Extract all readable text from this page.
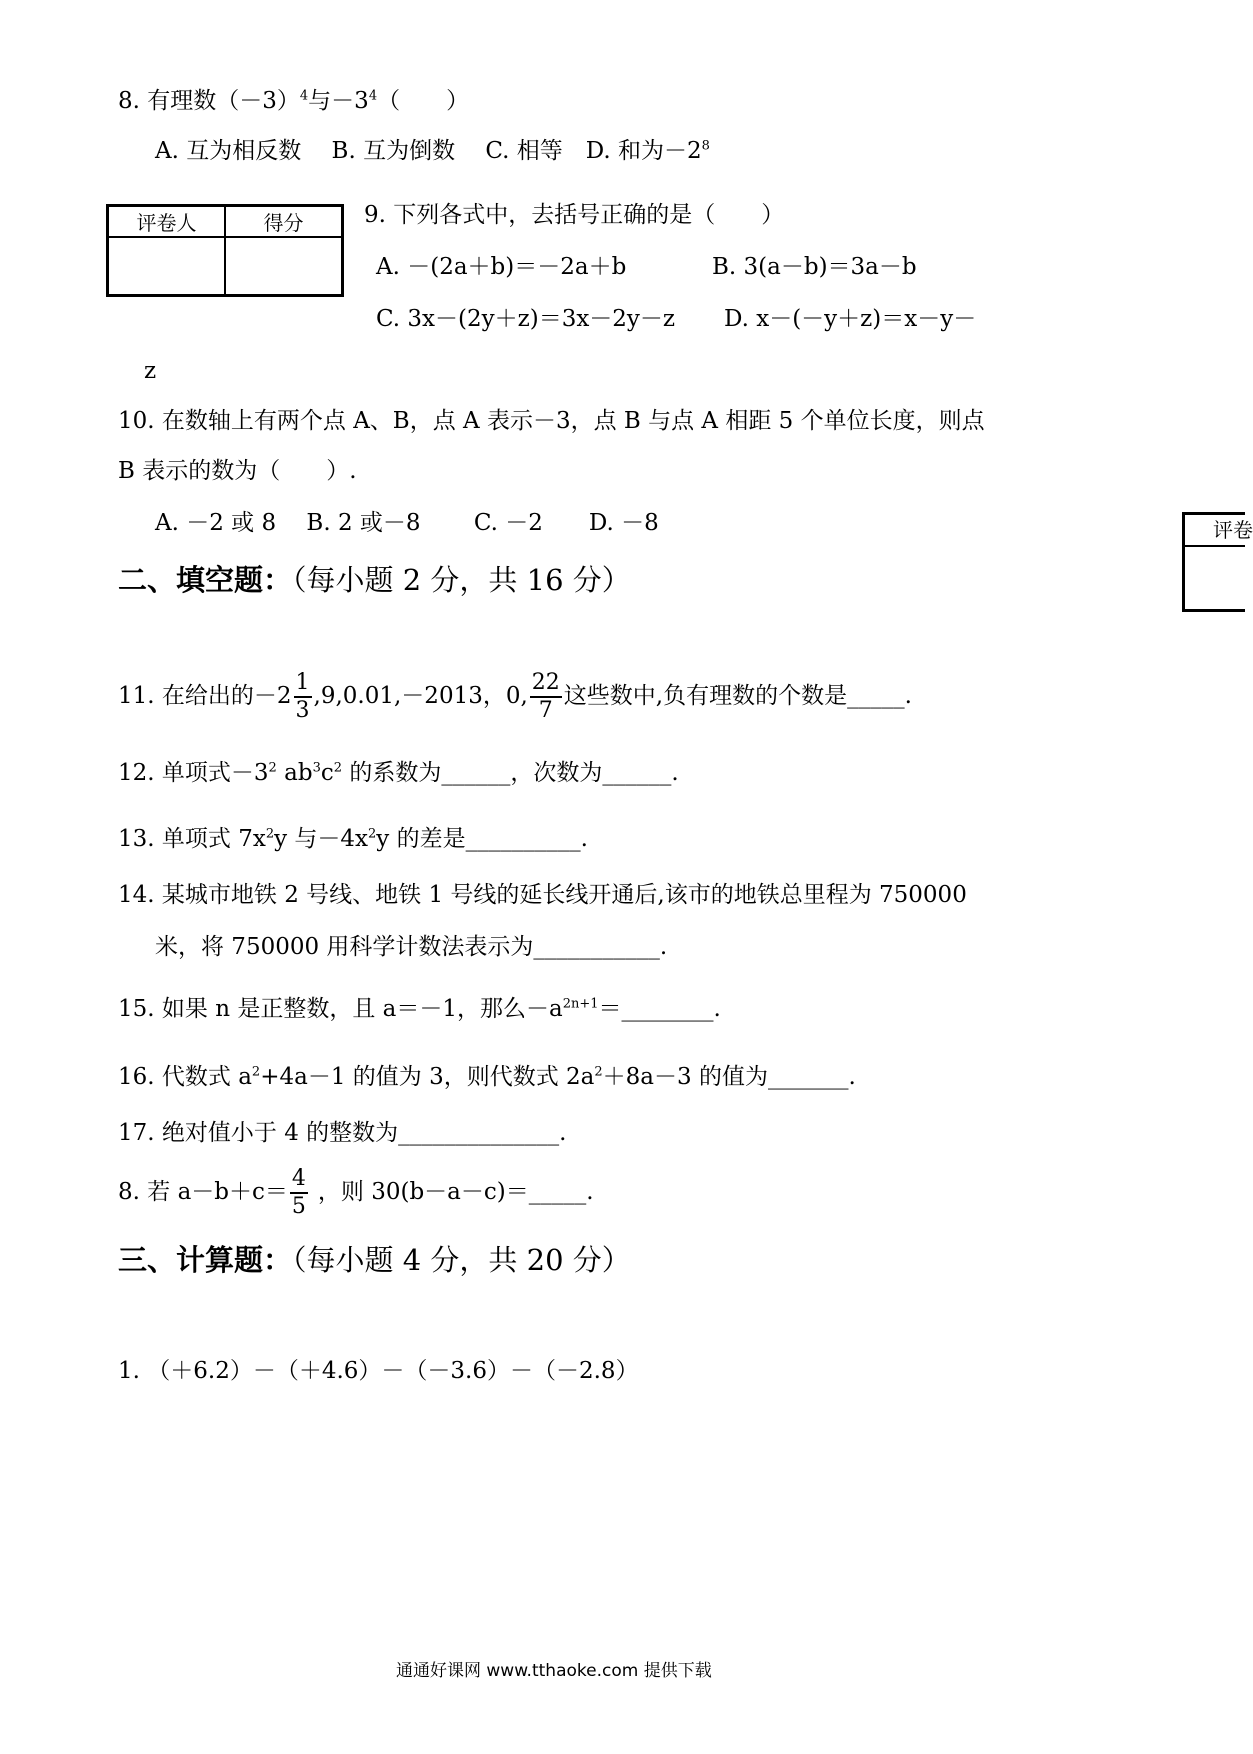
8. 有理数$(-3)^4$与$-3^4$（　　）
A. 互为相反数　 B. 互为倒数　 C. 相等　D. 和为$-2^8$
评卷人	得分
		9. 下列各式中，去括号正确的是（　　）
A. －(2a＋b)＝－2a＋b	B. 3(a－b)＝3a－b
C. 3x－(2y＋z)＝3x－2y－z D. x－(－y＋z)＝x－y－
z
10. 在数轴上有两个点 A、B，点 A 表示－3，点 B 与点 A 相距 5 个单位长度，则点
B 表示的数为（　　）.
A. －2 或 8　 B. 2 或－8　　 C. －2　　D. －8
二、填空题：（每小题 2 分，共 16 分）
11. 在给出的$-2 \frac{1}{3} ,9,0.01,-2013$，0, $\frac{22}{7}$ 这些数中,负有理数的个数是_____.
12. 单项式$-3^2$ $ab^3c^2$ 的系数为______，次数为______.
13. 单项式 $7x^2y$ 与$-4x^2y$ 的差是__________.
14. 某城市地铁 2 号线、地铁 1 号线的延长线开通后,该市的地铁总里程为 750000
米，将 750000 用科学计数法表示为___________.
15. 如果 n 是正整数，且 a＝－1，那么$-a^{2n+1}=\_\_\_\_\_\_\_\_$.
16. 代数式 $a^2+4a-1$ 的值为 3，则代数式 $2a^2+8a-3$ 的值为_______.
17. 绝对值小于 4 的整数为______________.
8. 若 $a-b+c= \frac{4}{5}$ ，则 30(b－a－c)＝_____.
三、计算题：（每小题 4 分，共 20 分）
1. （＋6.2）－（＋4.6）－（－3.6）－（－2.8）
评卷
通通好课网 www.tthaoke.com 提供下载
